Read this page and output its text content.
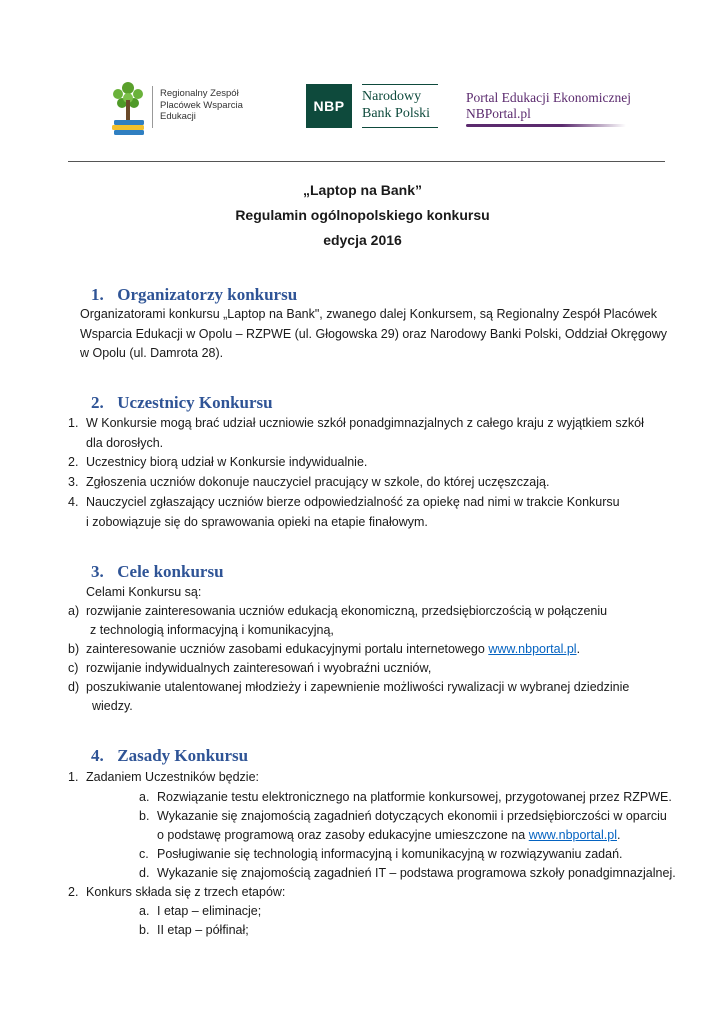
Regionalny Zespół Placówek Wsparcia Edukacji
NBP
Narodowy
Bank Polski
Portal Edukacji Ekonomicznej
NBPortal.pl
„Laptop na Bank”
Regulamin ogólnopolskiego konkursu
edycja 2016
1. Organizatorzy konkursu
Organizatorami konkursu „Laptop na Bank", zwanego dalej Konkursem, są Regionalny Zespół Placówek
Wsparcia Edukacji w Opolu – RZPWE (ul. Głogowska 29) oraz Narodowy Banki Polski, Oddział Okręgowy
w Opolu (ul. Damrota 28).
2. Uczestnicy Konkursu
1. W Konkursie mogą brać udział uczniowie szkół ponadgimnazjalnych z całego kraju z wyjątkiem szkół
dla dorosłych.
2. Uczestnicy biorą udział w Konkursie indywidualnie.
3. Zgłoszenia uczniów dokonuje nauczyciel pracujący w szkole, do której uczęszczają.
4. Nauczyciel zgłaszający uczniów bierze odpowiedzialność za opiekę nad nimi w trakcie Konkursu
i zobowiązuje się do sprawowania opieki na etapie finałowym.
3. Cele konkursu
Celami Konkursu są:
a) rozwijanie zainteresowania uczniów edukacją ekonomiczną, przedsiębiorczością w połączeniu
z technologią informacyjną i komunikacyjną,
b) zainteresowanie uczniów zasobami edukacyjnymi portalu internetowego www.nbportal.pl.
c) rozwijanie indywidualnych zainteresowań i wyobraźni uczniów,
d) poszukiwanie utalentowanej młodzieży i zapewnienie możliwości rywalizacji w wybranej dziedzinie
wiedzy.
4. Zasady Konkursu
1. Zadaniem Uczestników będzie:
a. Rozwiązanie testu elektronicznego na platformie konkursowej, przygotowanej przez RZPWE.
b. Wykazanie się znajomością zagadnień dotyczących ekonomii i przedsiębiorczości w oparciu
o podstawę programową oraz zasoby edukacyjne umieszczone na www.nbportal.pl.
c. Posługiwanie się technologią informacyjną i komunikacyjną w rozwiązywaniu zadań.
d. Wykazanie się znajomością zagadnień IT – podstawa programowa szkoły ponadgimnazjalnej.
2. Konkurs składa się z trzech etapów:
a. I etap – eliminacje;
b. II etap – półfinał;
